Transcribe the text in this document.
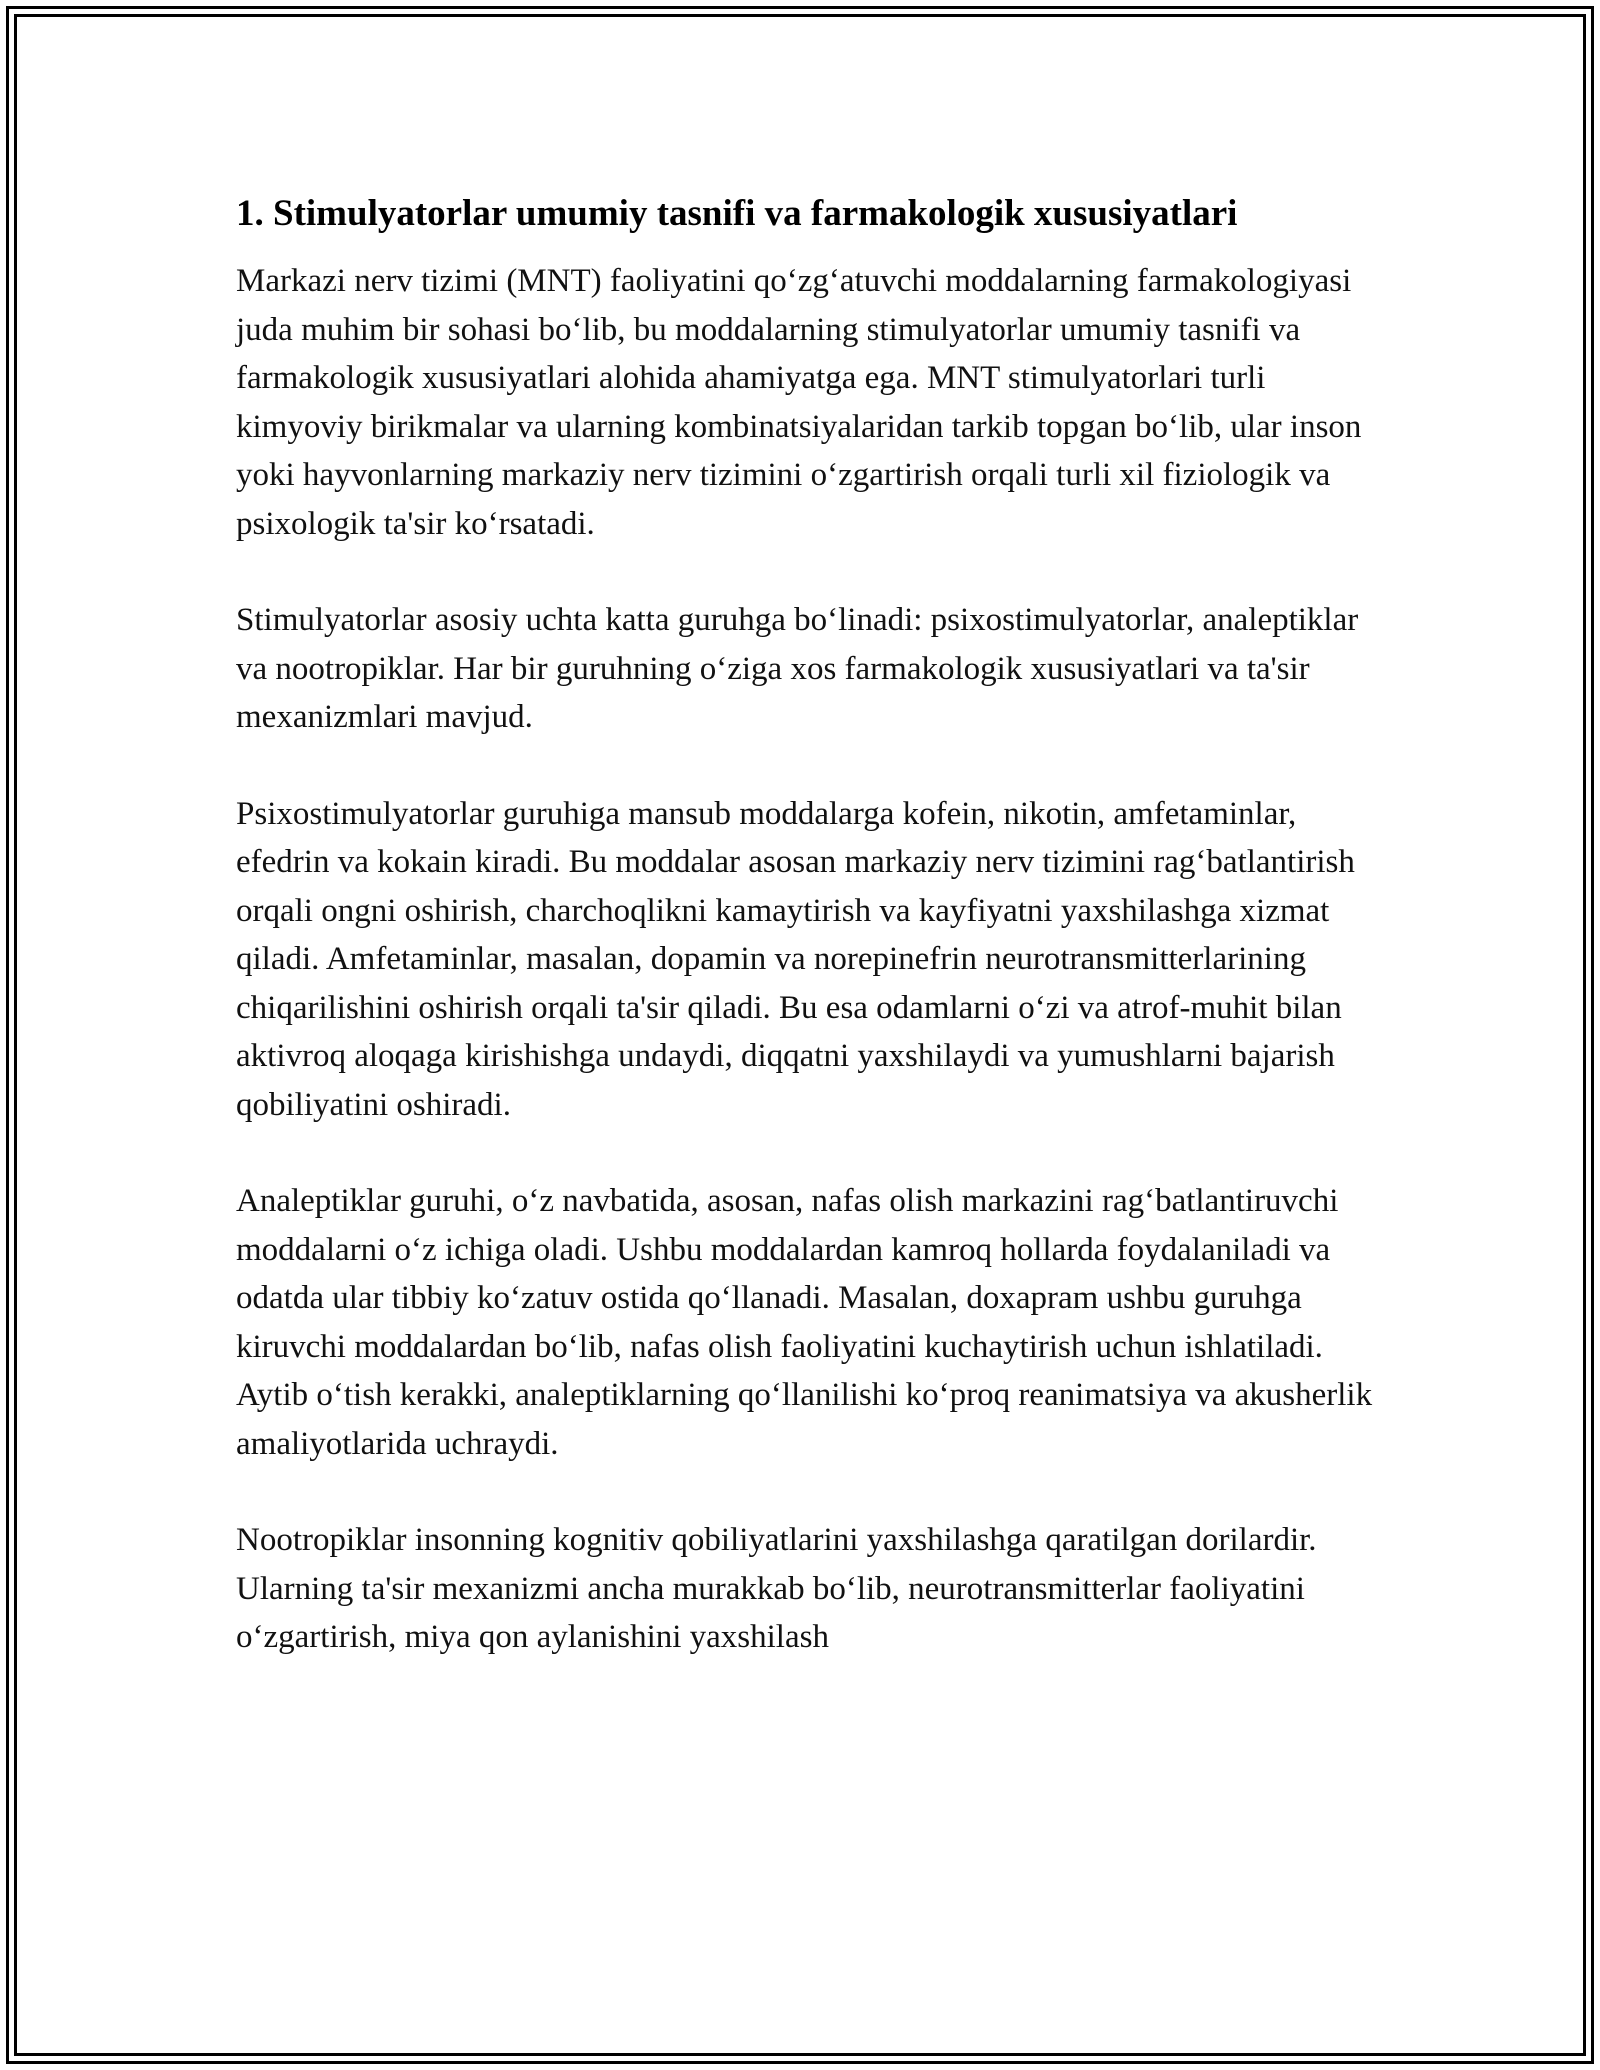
1. Stimulyatorlar umumiy tasnifi va farmakologik xususiyatlari

Markazi nerv tizimi (MNT) faoliyatini qo‘zg‘atuvchi moddalarning farmakologiyasi juda muhim bir sohasi bo‘lib, bu moddalarning stimulyatorlar umumiy tasnifi va farmakologik xususiyatlari alohida ahamiyatga ega. MNT stimulyatorlari turli kimyoviy birikmalar va ularning kombinatsiyalaridan tarkib topgan bo‘lib, ular inson yoki hayvonlarning markaziy nerv tizimini o‘zgartirish orqali turli xil fiziologik va psixologik ta'sir ko‘rsatadi.

Stimulyatorlar asosiy uchta katta guruhga bo‘linadi: psixostimulyatorlar, analeptiklar va nootropiklar. Har bir guruhning o‘ziga xos farmakologik xususiyatlari va ta'sir mexanizmlari mavjud.

Psixostimulyatorlar guruhiga mansub moddalarga kofein, nikotin, amfetaminlar, efedrin va kokain kiradi. Bu moddalar asosan markaziy nerv tizimini rag‘batlantirish orqali ongni oshirish, charchoqlikni kamaytirish va kayfiyatni yaxshilashga xizmat qiladi. Amfetaminlar, masalan, dopamin va norepinefrin neurotransmitterlarining chiqarilishini oshirish orqali ta'sir qiladi. Bu esa odamlarni o‘zi va atrof-muhit bilan aktivroq aloqaga kirishishga undaydi, diqqatni yaxshilaydi va yumushlarni bajarish qobiliyatini oshiradi.

Analeptiklar guruhi, o‘z navbatida, asosan, nafas olish markazini rag‘batlantiruvchi moddalarni o‘z ichiga oladi. Ushbu moddalardan kamroq hollarda foydalaniladi va odatda ular tibbiy ko‘zatuv ostida qo‘llanadi. Masalan, doxapram ushbu guruhga kiruvchi moddalardan bo‘lib, nafas olish faoliyatini kuchaytirish uchun ishlatiladi. Aytib o‘tish kerakki, analeptiklarning qo‘llanilishi ko‘proq reanimatsiya va akusherlik amaliyotlarida uchraydi.

Nootropiklar insonning kognitiv qobiliyatlarini yaxshilashga qaratilgan dorilardir. Ularning ta'sir mexanizmi ancha murakkab bo‘lib, neurotransmitterlar faoliyatini o‘zgartirish, miya qon aylanishini yaxshilash
